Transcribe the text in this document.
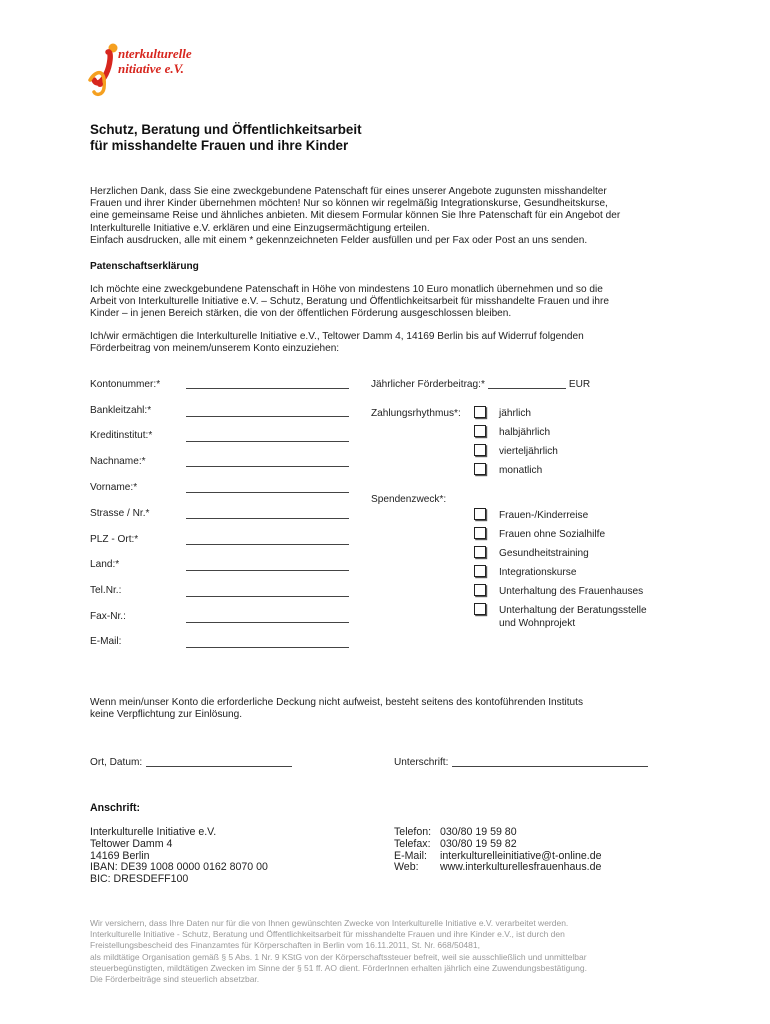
nterkulturelle
nitiative e.V.
Schutz, Beratung und Öffentlichkeitsarbeit
für misshandelte Frauen und ihre Kinder

Herzlichen Dank, dass Sie eine zweckgebundene Patenschaft für eines unserer Angebote zugunsten misshandelter

Frauen und ihrer Kinder übernehmen möchten! Nur so können wir regelmäßig Integrationskurse, Gesundheitskurse,

eine gemeinsame Reise und ähnliches anbieten. Mit diesem Formular können Sie Ihre Patenschaft für ein Angebot der

Interkulturelle Initiative e.V. erklären und eine Einzugsermächtigung erteilen.

Einfach ausdrucken, alle mit einem * gekennzeichneten Felder ausfüllen und per Fax oder Post an uns senden.

Patenschaftserklärung

Ich möchte eine zweckgebundene Patenschaft in Höhe von mindestens 10 Euro monatlich übernehmen und so die

Arbeit von Interkulturelle Initiative e.V. – Schutz, Beratung und Öffentlichkeitsarbeit für misshandelte Frauen und ihre

Kinder – in jenen Bereich stärken, die von der öffentlichen Förderung ausgeschlossen bleiben.

Ich/wir ermächtigen die Interkulturelle Initiative e.V., Teltower Damm 4, 14169 Berlin bis auf Widerruf folgenden

Förderbeitrag von meinem/unserem Konto einzuziehen:

Kontonummer:*
Bankleitzahl:*
Kreditinstitut:*
Nachname:*
Vorname:*
Strasse / Nr.*
PLZ - Ort:*
Land:*
Tel.Nr.:
Fax-Nr.:
E-Mail:
Jährlicher Förderbeitrag:*	EUR
Zahlungsrhythmus*:	jährlich
halbjährlich
vierteljährlich
monatlich
Spendenzweck*:
Frauen-/Kinderreise
Frauen ohne Sozialhilfe
Gesundheitstraining
Integrationskurse
Unterhaltung des Frauenhauses
Unterhaltung der Beratungsstelle
und Wohnprojekt

Wenn mein/unser Konto die erforderliche Deckung nicht aufweist, besteht seitens des kontoführenden Instituts

keine Verpflichtung zur Einlösung.

Ort, Datum:	Unterschrift:
Anschrift:
Interkulturelle Initiative e.V.
Teltower Damm 4
14169 Berlin
IBAN: DE39 1008 0000 0162 8070 00
BIC: DRESDEFF100
Telefon: 030/80 19 59 80
Telefax: 030/80 19 59 82
E-Mail: interkulturelleinitiative@t-online.de
Web: www.interkulturellesfrauenhaus.de

Wir versichern, dass Ihre Daten nur für die von Ihnen gewünschten Zwecke von Interkulturelle Initiative e.V. verarbeitet werden.

Interkulturelle Initiative - Schutz, Beratung und Öffentlichkeitsarbeit für misshandelte Frauen und ihre Kinder e.V., ist durch den

Freistellungsbescheid des Finanzamtes für Körperschaften in Berlin vom 16.11.2011, St. Nr. 668/50481,

als mildtätige Organisation gemäß § 5 Abs. 1 Nr. 9 KStG von der Körperschaftssteuer befreit, weil sie ausschließlich und unmittelbar

steuerbegünstigten, mildtätigen Zwecken im Sinne der § 51 ff. AO dient. FörderInnen erhalten jährlich eine Zuwendungsbestätigung.

Die Förderbeiträge sind steuerlich absetzbar.
